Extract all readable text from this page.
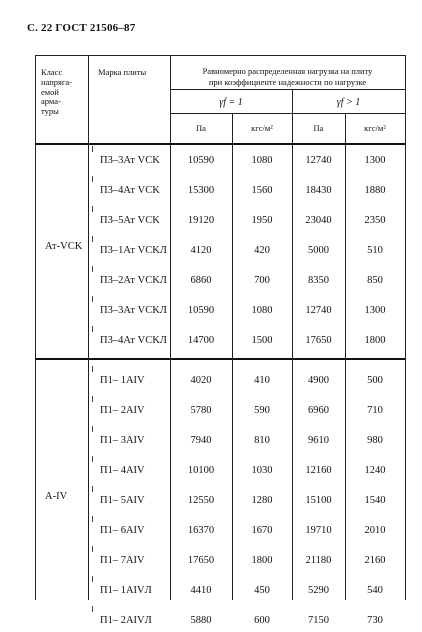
С. 22 ГОСТ 21506–87
Класс
напряга-
емой
арма-
туры
Марка плиты	Равномерно распределенная нагрузка на плиту
при коэффициенте надежности по нагрузке
γf = 1	γf > 1
Па	кгс/м²	Па	кгс/м²
П3–3Ат VCK	10590	1080	12740	1300
П3–4Ат VCK	15300	1560	18430	1880
П3–5Ат VCK	19120	1950	23040	2350
П3–1Ат VCKЛ	4120	420	5000	510
П3–2Ат VCKЛ	6860	700	8350	850
П3–3Ат VCKЛ	10590	1080	12740	1300
П3–4Ат VCKЛ	14700	1500	17650	1800
Ат-VCK
П1– 1AIV	4020	410	4900	500
П1– 2AIV	5780	590	6960	710
П1– 3AIV	7940	810	9610	980
П1– 4AIV	10100	1030	12160	1240
П1– 5AIV	12550	1280	15100	1540
П1– 6AIV	16370	1670	19710	2010
П1– 7AIV	17650	1800	21180	2160
П1– 1AIVЛ	4410	450	5290	540
П1– 2AIVЛ	5880	600	7150	730
A-IV
